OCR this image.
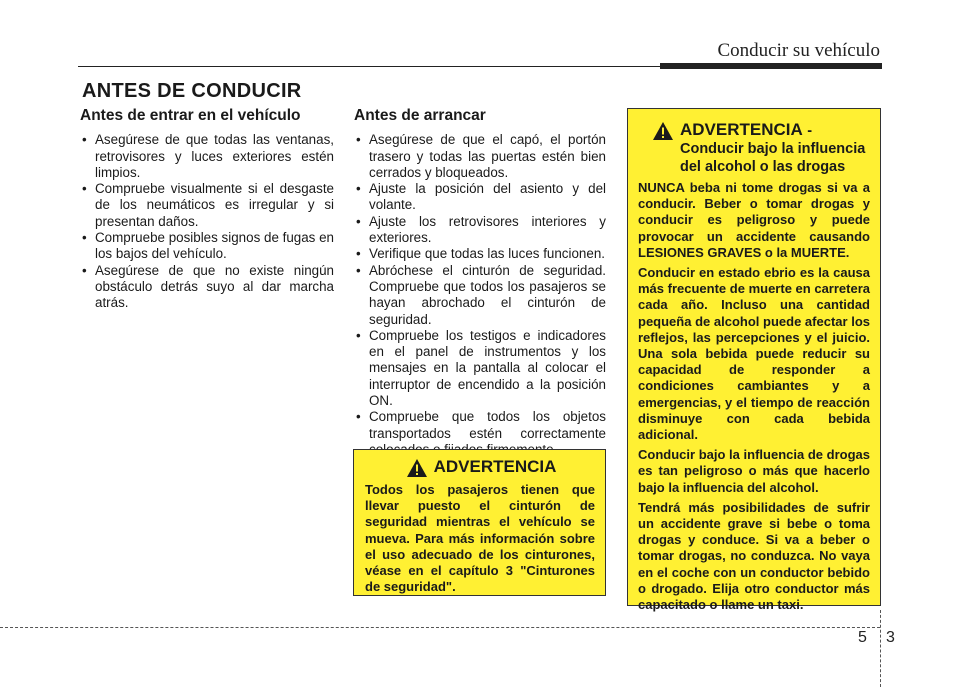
Conducir su vehículo
ANTES DE CONDUCIR
Antes de entrar en el vehículo
• Asegúrese de que todas las ventanas, retrovisores y luces exteriores estén limpios.
• Compruebe visualmente si el desgaste de los neumáticos es irregular y si presentan daños.
• Compruebe posibles signos de fugas en los bajos del vehículo.
• Asegúrese de que no existe ningún obstáculo detrás suyo al dar marcha atrás.
Antes de arrancar
• Asegúrese de que el capó, el portón trasero y todas las puertas estén bien cerrados y bloqueados.
• Ajuste la posición del asiento y del volante.
• Ajuste los retrovisores interiores y exteriores.
• Verifique que todas las luces funcionen.
• Abróchese el cinturón de seguridad. Compruebe que todos los pasajeros se hayan abrochado el cinturón de seguridad.
• Compruebe los testigos e indicadores en el panel de instrumentos y los mensajes en la pantalla al colocar el interruptor de encendido a la posición ON.
• Compruebe que todos los objetos transportados estén correctamente
ADVERTENCIA

Todos los pasajeros tienen que llevar puesto el cinturón de seguridad mientras el vehículo se mueva. Para más información sobre el uso adecuado de los cinturones, véase en el capítulo 3 "Cinturones de seguridad".

ADVERTENCIA - Conducir bajo la influencia del alcohol o las drogas

NUNCA beba ni tome drogas si va a conducir. Beber o tomar drogas y conducir es peligroso y puede provocar un accidente causando LESIONES GRAVES o la MUERTE.

Conducir en estado ebrio es la causa más frecuente de muerte en carretera cada año. Incluso una cantidad pequeña de alcohol puede afectar los reflejos, las percepciones y el juicio. Una sola bebida puede reducir su capacidad de responder a condiciones cambiantes y a emergencias, y el tiempo de reacción disminuye con cada bebida adicional.

Conducir bajo la influencia de drogas es tan peligroso o más que hacerlo bajo la influencia del alcohol.

Tendrá más posibilidades de sufrir un accidente grave si bebe o toma drogas y conduce. Si va a beber o tomar drogas, no conduzca. No vaya en el coche con un conductor bebido o drogado. Elija otro conductor más capacitado o llame un taxi.

5 3
